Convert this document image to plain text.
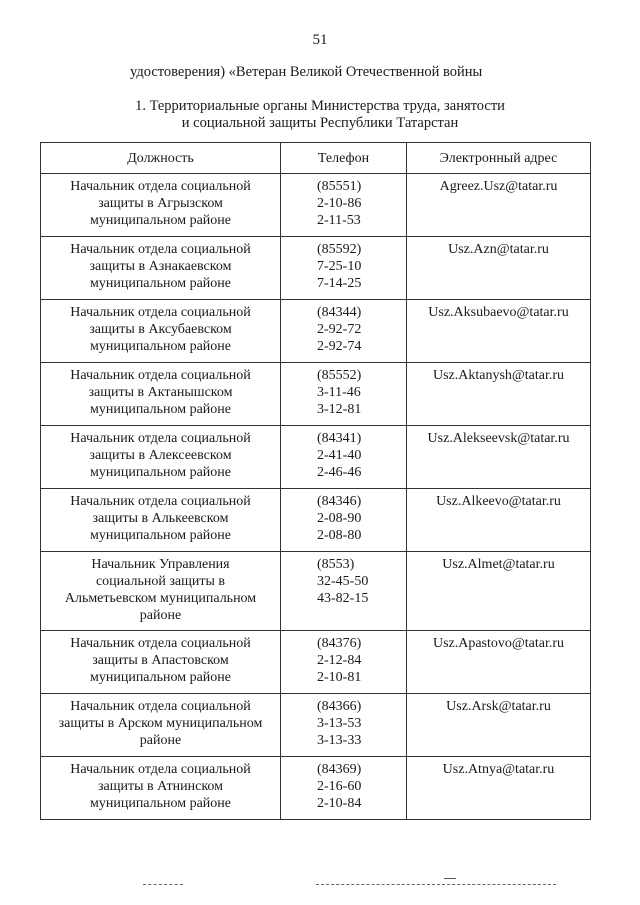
51
удостоверения) «Ветеран Великой Отечественной войны
1. Территориальные органы Министерства труда, занятости
и социальной защиты Республики Татарстан
Должность	Телефон	Электронный адрес

Начальник отдела социальной
защиты в Агрызском
муниципальном районе	(85551)
2-10-86
2-11-53	Agreez.Usz@tatar.ru

Начальник отдела социальной
защиты в Азнакаевском
муниципальном районе	(85592)
7-25-10
7-14-25	Usz.Azn@tatar.ru

Начальник отдела социальной
защиты в Аксубаевском
муниципальном районе	(84344)
2-92-72
2-92-74	Usz.Aksubaevo@tatar.ru

Начальник отдела социальной
защиты в Актанышском
муниципальном районе	(85552)
3-11-46
3-12-81	Usz.Aktanysh@tatar.ru

Начальник отдела социальной
защиты в Алексеевском
муниципальном районе	(84341)
2-41-40
2-46-46	Usz.Alekseevsk@tatar.ru

Начальник отдела социальной
защиты в Алькеевском
муниципальном районе	(84346)
2-08-90
2-08-80	Usz.Alkeevo@tatar.ru

Начальник Управления
социальной защиты в
Альметьевском муниципальном
районе	(8553)
32-45-50
43-82-15	Usz.Almet@tatar.ru

Начальник отдела социальной
защиты в Апастовском
муниципальном районе	(84376)
2-12-84
2-10-81	Usz.Apastovo@tatar.ru

Начальник отдела социальной
защиты в Арском муниципальном
районе	(84366)
3-13-53
3-13-33	Usz.Arsk@tatar.ru

Начальник отдела социальной
защиты в Атнинском
муниципальном районе	(84369)
2-16-60
2-10-84	Usz.Atnya@tatar.ru
